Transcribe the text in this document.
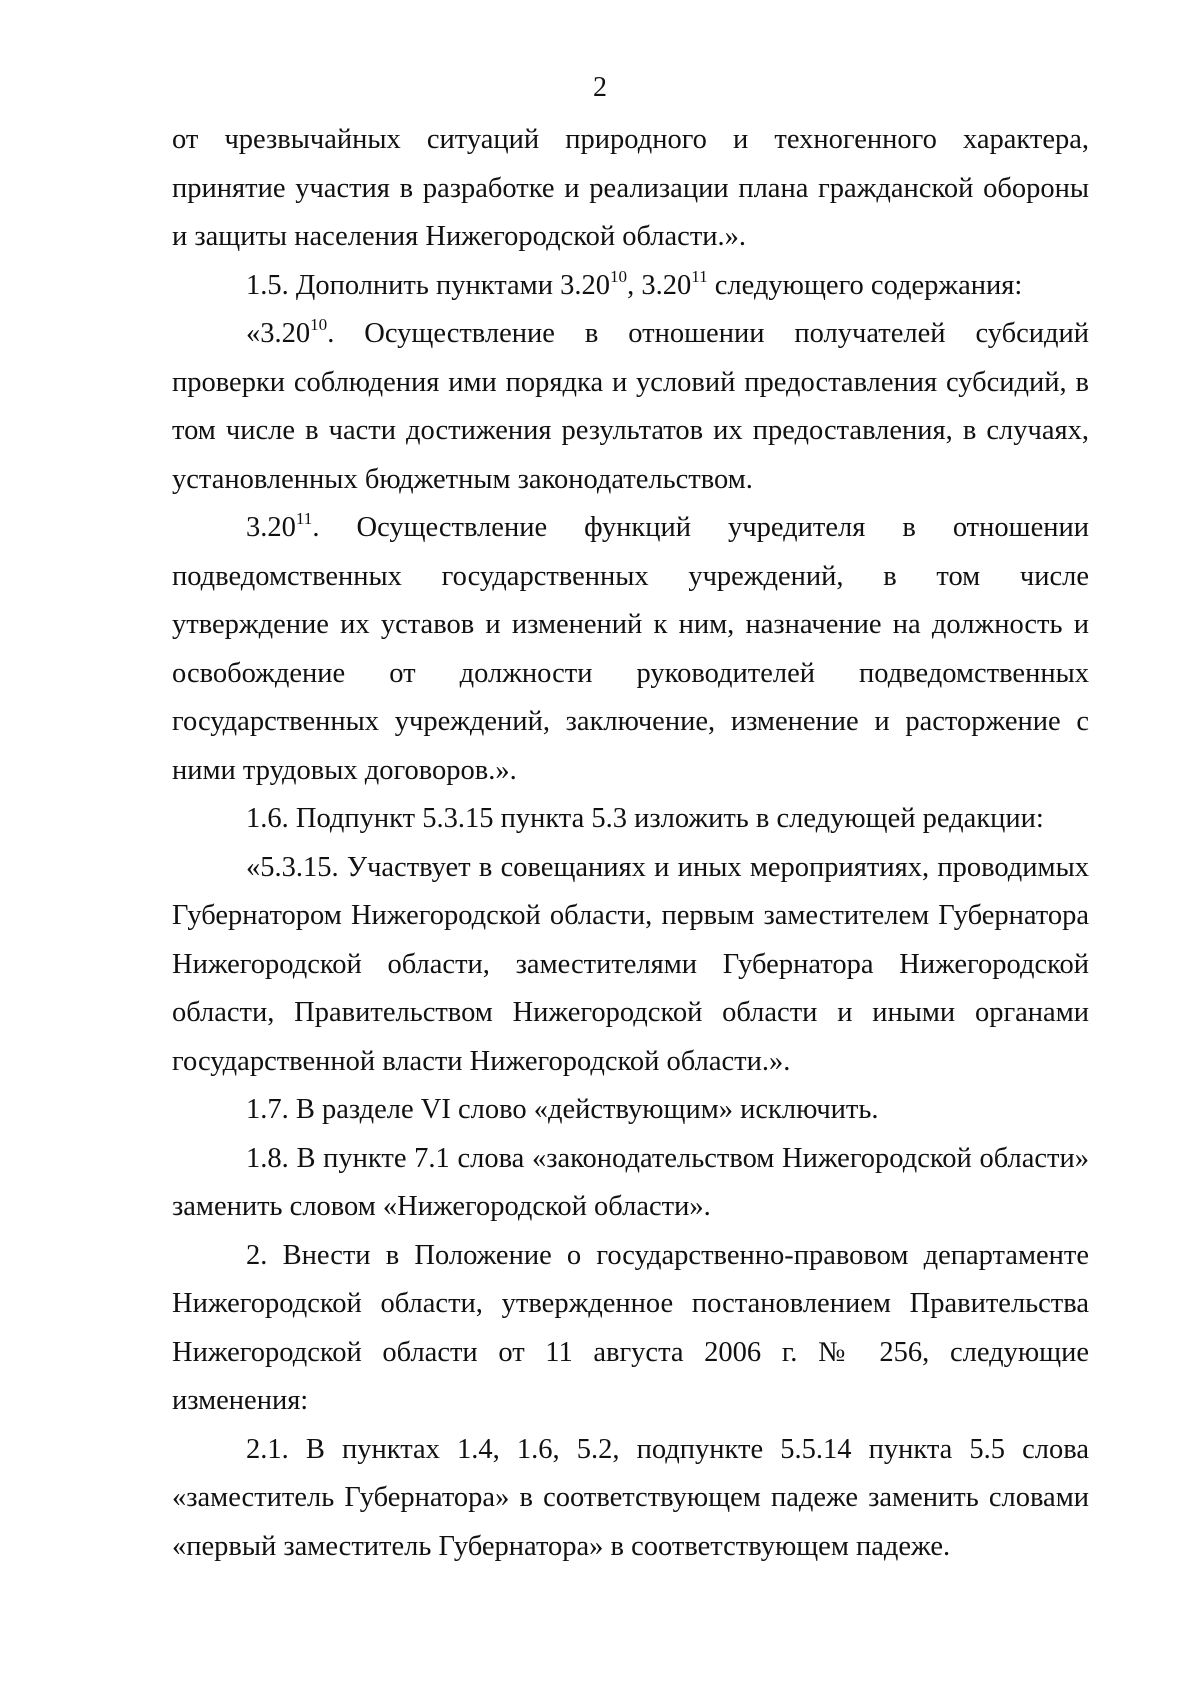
2

от чрезвычайных ситуаций природного и техногенного характера, принятие участия в разработке и реализации плана гражданской обороны и защиты населения Нижегородской области.».

1.5. Дополнить пунктами 3.20$^{10}$, 3.20$^{11}$ следующего содержания:

«3.20$^{10}$. Осуществление в отношении получателей субсидий проверки соблюдения ими порядка и условий предоставления субсидий, в том числе в части достижения результатов их предоставления, в случаях, установленных бюджетным законодательством.

3.20$^{11}$. Осуществление функций учредителя в отношении подведомственных государственных учреждений, в том числе утверждение их уставов и изменений к ним, назначение на должность и освобождение от должности руководителей подведомственных государственных учреждений, заключение, изменение и расторжение с ними трудовых договоров.».

1.6. Подпункт 5.3.15 пункта 5.3 изложить в следующей редакции:

«5.3.15. Участвует в совещаниях и иных мероприятиях, проводимых Губернатором Нижегородской области, первым заместителем Губернатора Нижегородской области, заместителями Губернатора Нижегородской области, Правительством Нижегородской области и иными органами государственной власти Нижегородской области.».

1.7. В разделе VI слово «действующим» исключить.

1.8. В пункте 7.1 слова «законодательством Нижегородской области» заменить словом «Нижегородской области».

2. Внести в Положение о государственно-правовом департаменте Нижегородской области, утвержденное постановлением Правительства Нижегородской области от 11 августа 2006 г. № 256, следующие изменения:

2.1. В пунктах 1.4, 1.6, 5.2, подпункте 5.5.14 пункта 5.5 слова «заместитель Губернатора» в соответствующем падеже заменить словами «первый заместитель Губернатора» в соответствующем падеже.
